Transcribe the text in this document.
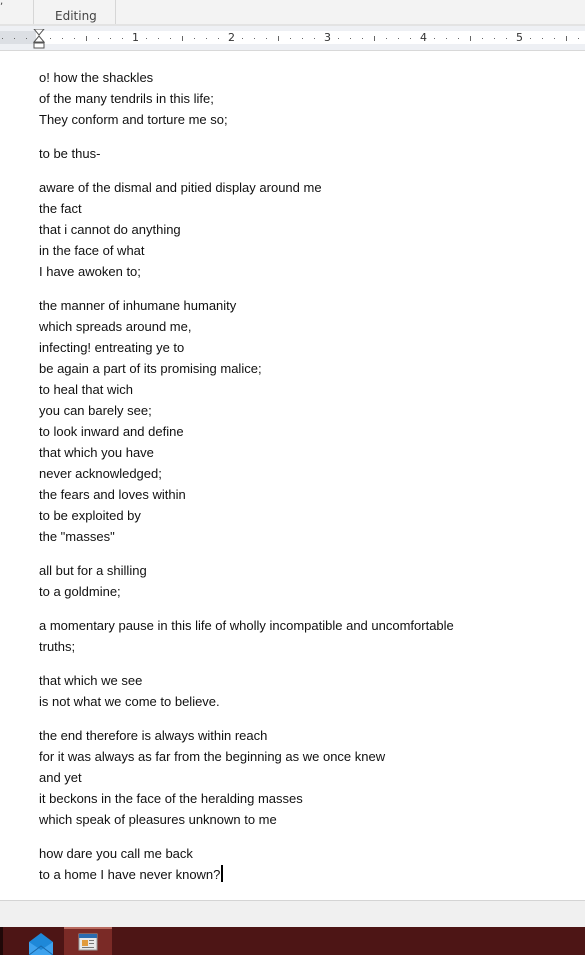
,
Editing
1	2	3	4	5

o! how the shackles
of the many tendrils in this life;
They conform and torture me so;

to be thus-

aware of the dismal and pitied display around me
the fact
that i cannot do anything
in the face of what
I have awoken to;

the manner of inhumane humanity
which spreads around me,
infecting! entreating ye to
be again a part of its promising malice;
to heal that wich
you can barely see;
to look inward and define
that which you have
never acknowledged;
the fears and loves within
to be exploited by
the "masses"

all but for a shilling
to a goldmine;

a momentary pause in this life of wholly incompatible and uncomfortable
truths;

that which we see
is not what we come to believe.

the end therefore is always within reach
for it was always as far from the beginning as we once knew
and yet
it beckons in the face of the heralding masses
which speak of pleasures unknown to me

how dare you call me back
to a home I have never known?
